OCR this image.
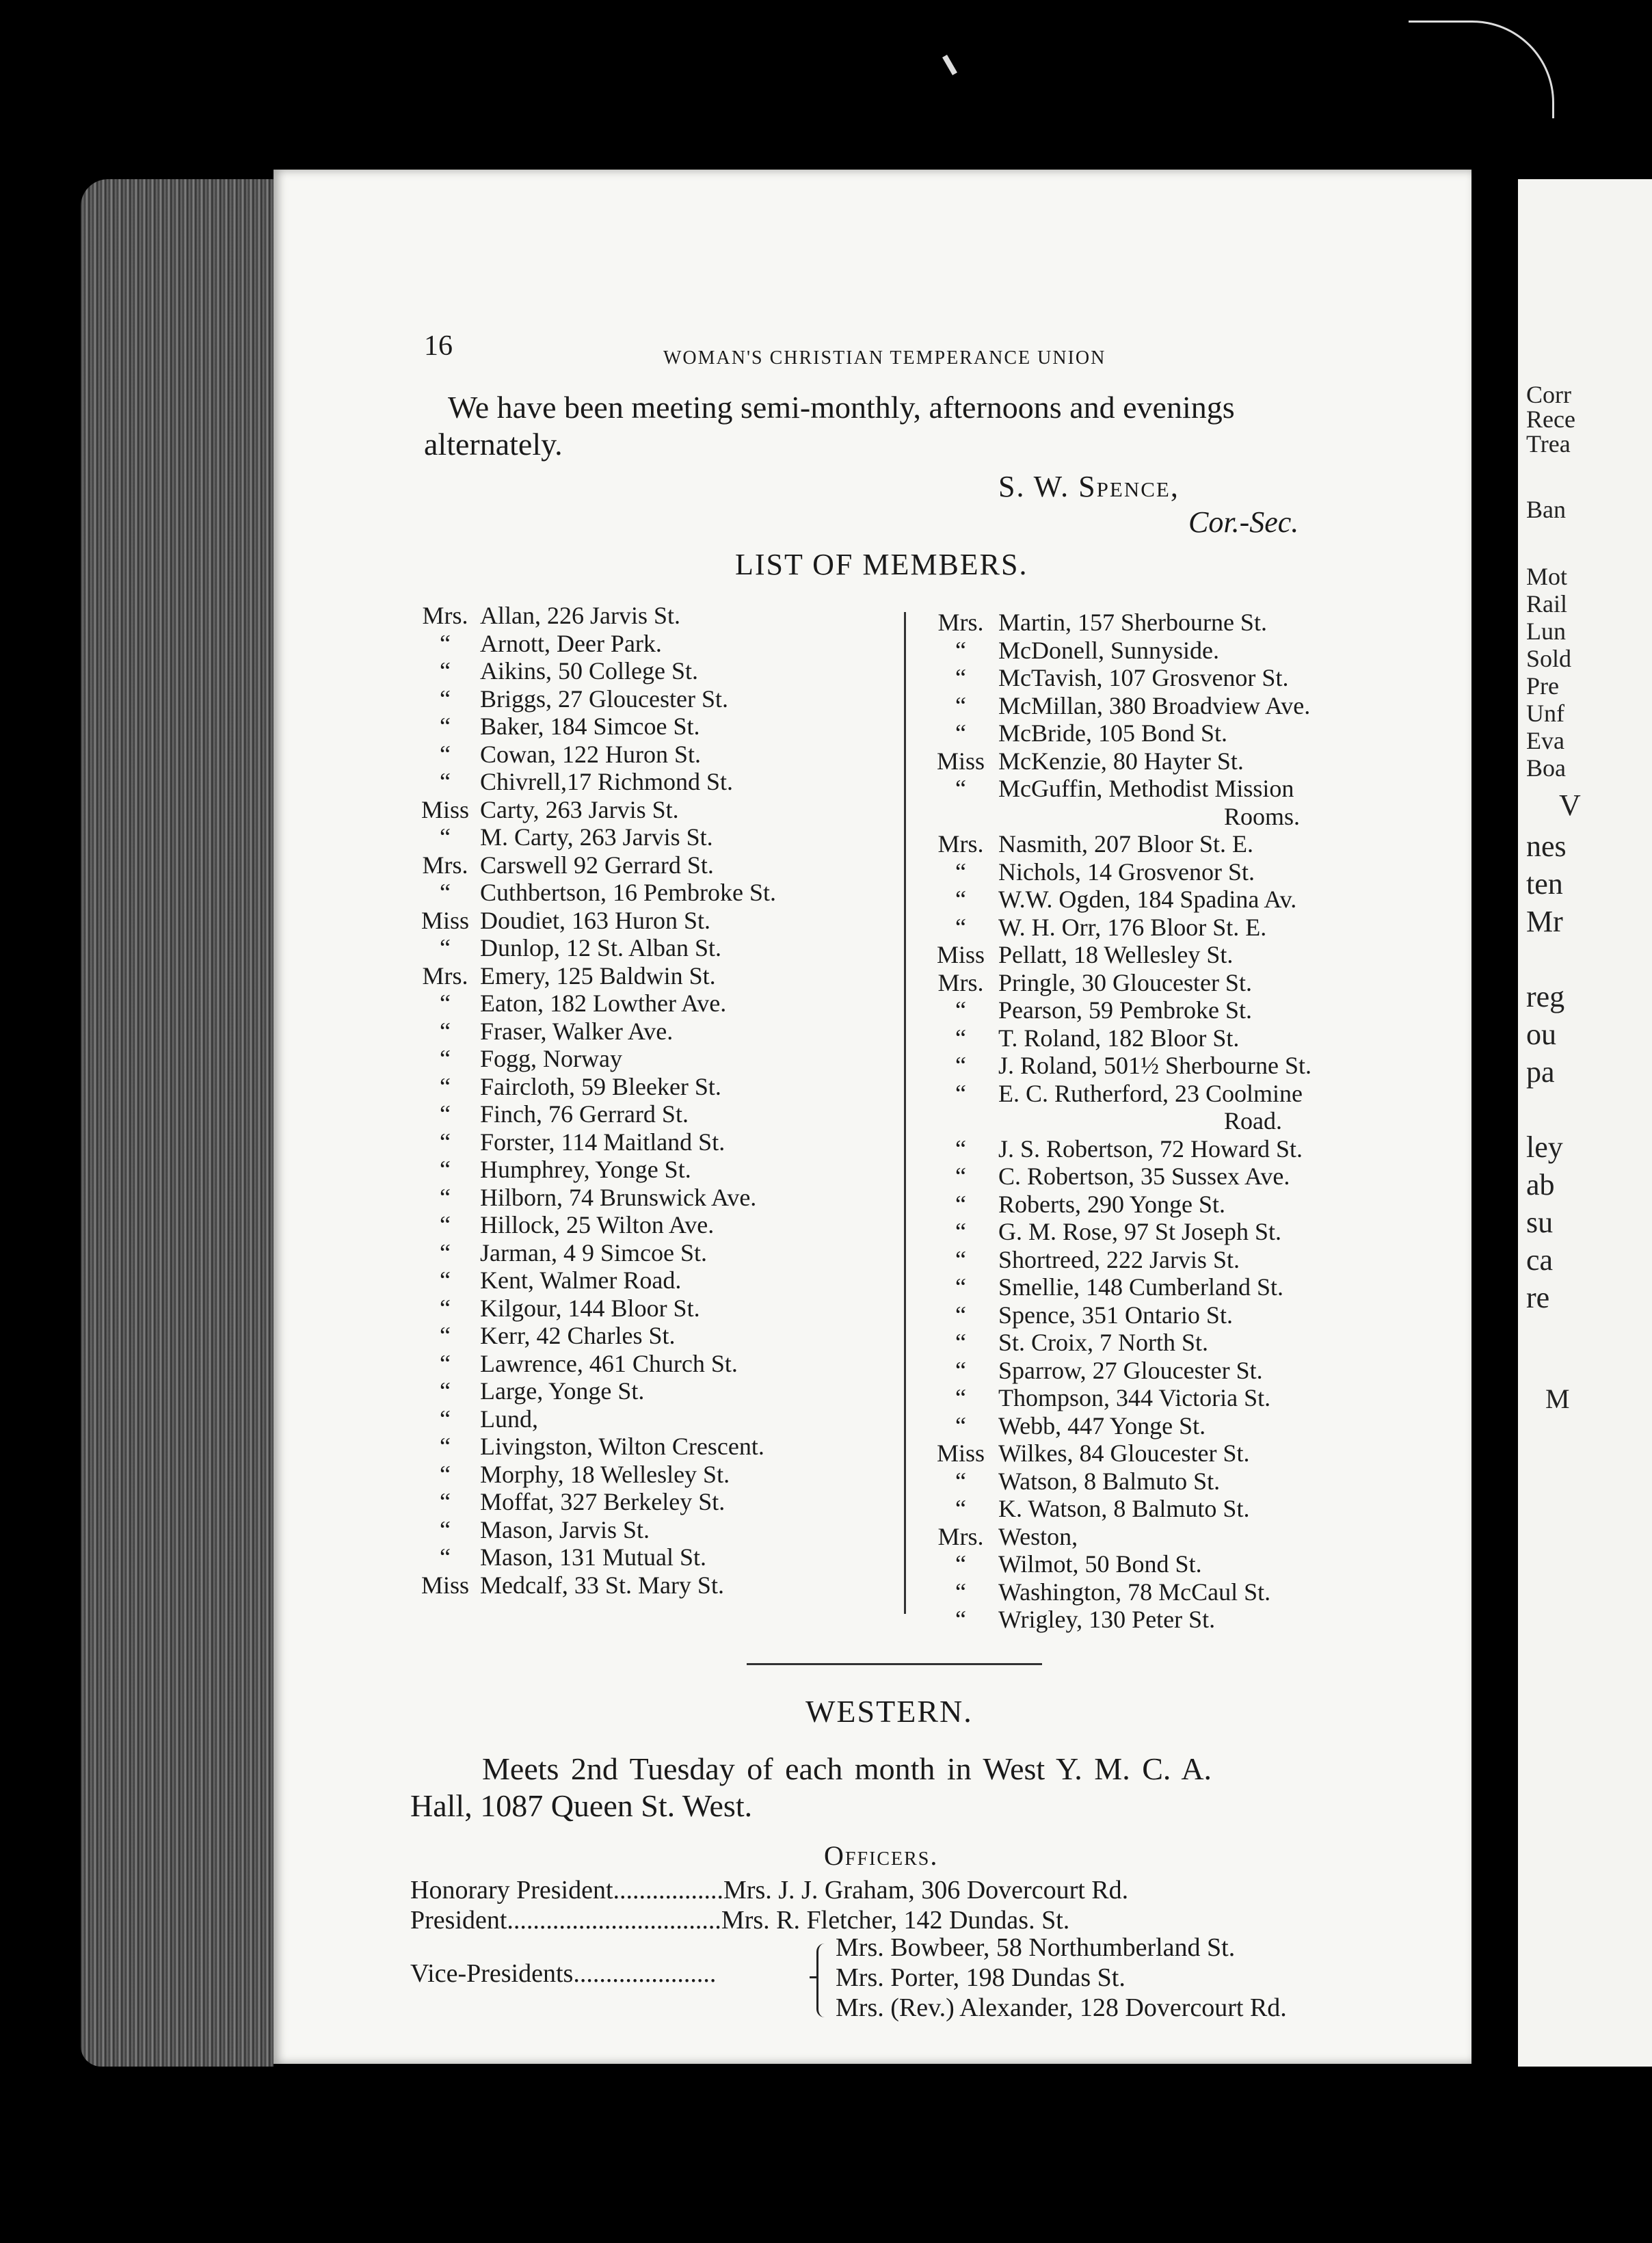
Corr
Rece
Trea
Ban
Mot
Rail
Lun
Sold
Pre
Unf
Eva
Boa
V
nes
ten
Mr
reg
ou
pa
ley
ab
su
ca
re
M
16	WOMAN'S CHRISTIAN TEMPERANCE UNION
We have been meeting semi-monthly, afternoons and evenings
alternately.
S. W. Spence,
Cor.-Sec.
LIST OF MEMBERS.
Mrs. Allan, 226 Jarvis St.
“	Arnott, Deer Park.
“	Aikins, 50 College St.
“	Briggs, 27 Gloucester St.
“	Baker, 184 Simcoe St.
“	Cowan, 122 Huron St.
“	Chivrell,17 Richmond St.
Miss Carty, 263 Jarvis St.
“	M. Carty, 263 Jarvis St.
Mrs. Carswell 92 Gerrard St.
“	Cuthbertson, 16 Pembroke St.
Miss Doudiet, 163 Huron St.
“	Dunlop, 12 St. Alban St.
Mrs. Emery, 125 Baldwin St.
“	Eaton, 182 Lowther Ave.
“	Fraser, Walker Ave.
“	Fogg, Norway
“	Faircloth, 59 Bleeker St.
“	Finch, 76 Gerrard St.
“	Forster, 114 Maitland St.
“	Humphrey, Yonge St.
“	Hilborn, 74 Brunswick Ave.
“	Hillock, 25 Wilton Ave.
“	Jarman, 4 9 Simcoe St.
“	Kent, Walmer Road.
“	Kilgour, 144 Bloor St.
“	Kerr, 42 Charles St.
“	Lawrence, 461 Church St.
“	Large, Yonge St.
“	Lund,
“	Livingston, Wilton Crescent.
“	Morphy, 18 Wellesley St.
“	Moffat, 327 Berkeley St.
“	Mason, Jarvis St.
“	Mason, 131 Mutual St.
Miss Medcalf, 33 St. Mary St.
Mrs. Martin, 157 Sherbourne St.
“	McDonell, Sunnyside.
“	McTavish, 107 Grosvenor St.
“	McMillan, 380 Broadview Ave.
“	McBride, 105 Bond St.
Miss McKenzie, 80 Hayter St.
“	McGuffin, Methodist Mission
Rooms.
Mrs. Nasmith, 207 Bloor St. E.
“	Nichols, 14 Grosvenor St.
“	W.W. Ogden, 184 Spadina Av.
“	W. H. Orr, 176 Bloor St. E.
Miss Pellatt, 18 Wellesley St.
Mrs. Pringle, 30 Gloucester St.
“	Pearson, 59 Pembroke St.
“	T. Roland, 182 Bloor St.
“	J. Roland, 501½ Sherbourne St.
“	E. C. Rutherford, 23 Coolmine
Road.
“	J. S. Robertson, 72 Howard St.
“	C. Robertson, 35 Sussex Ave.
“	Roberts, 290 Yonge St.
“	G. M. Rose, 97 St Joseph St.
“	Shortreed, 222 Jarvis St.
“	Smellie, 148 Cumberland St.
“	Spence, 351 Ontario St.
“	St. Croix, 7 North St.
“	Sparrow, 27 Gloucester St.
“	Thompson, 344 Victoria St.
“	Webb, 447 Yonge St.
Miss Wilkes, 84 Gloucester St.
“	Watson, 8 Balmuto St.
“	K. Watson, 8 Balmuto St.
Mrs. Weston,
“	Wilmot, 50 Bond St.
“	Washington, 78 McCaul St.
“	Wrigley, 130 Peter St.
WESTERN.
Meets 2nd Tuesday of each month in West Y. M. C. A.
Hall, 1087 Queen St. West.
Officers.
Honorary President.................Mrs. J. J. Graham, 306 Dovercourt Rd.
President.................................Mrs. R. Fletcher, 142 Dundas. St.
Vice-Presidents......................
Mrs. Bowbeer, 58 Northumberland St.
Mrs. Porter, 198 Dundas St.
Mrs. (Rev.) Alexander, 128 Dovercourt Rd.
